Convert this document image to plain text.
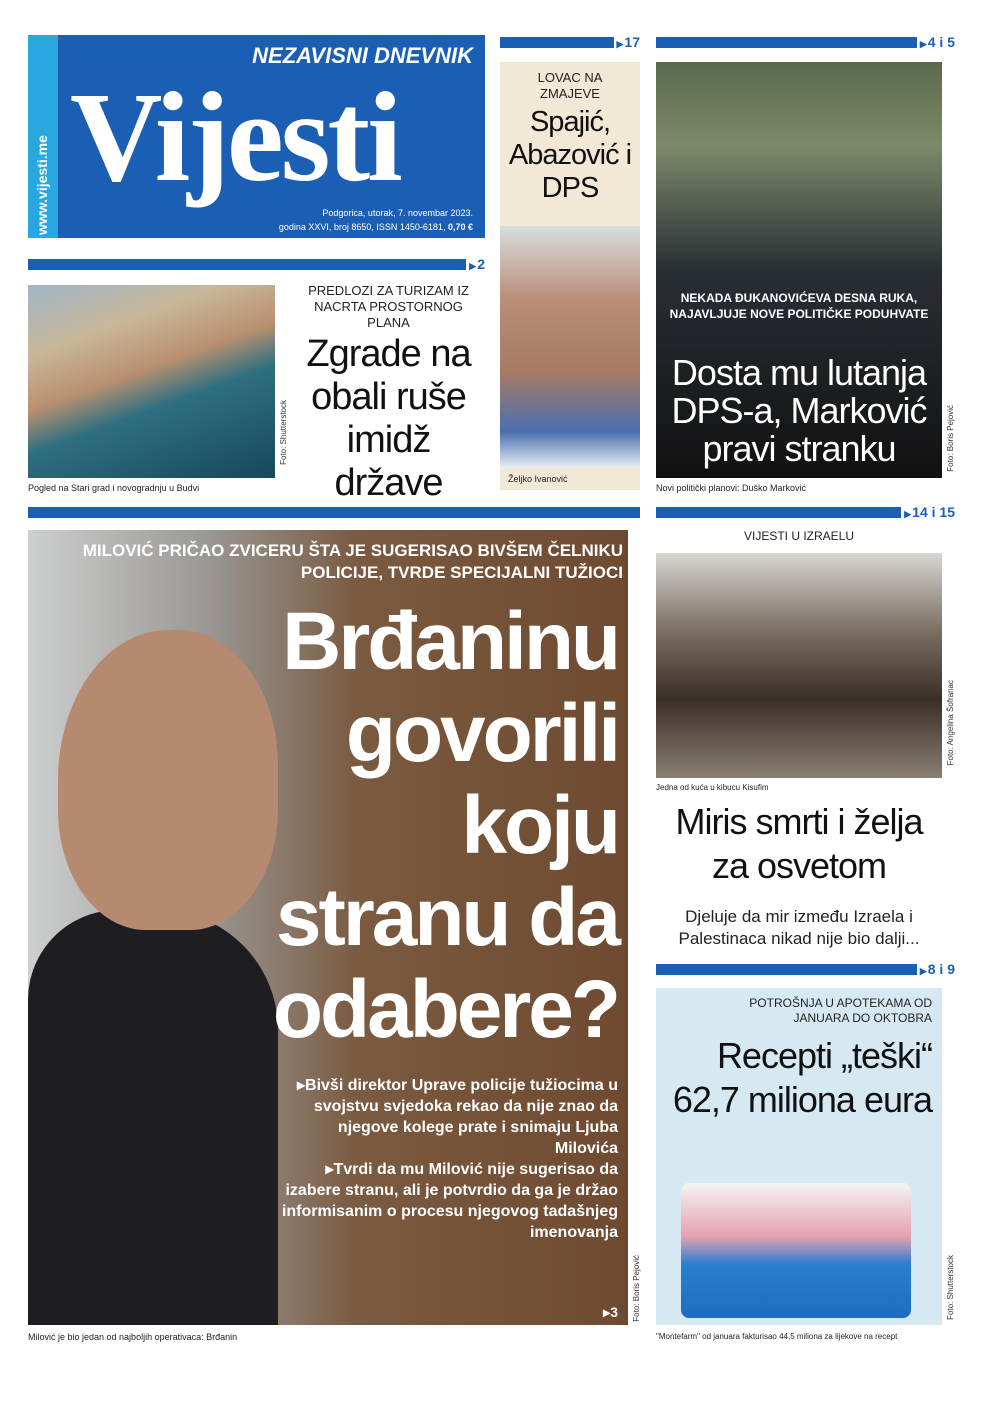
www.vijesti.me
NEZAVISNI DNEVNIK
Vijesti
Podgorica, utorak, 7. novembar 2023.
godina XXVI, broj 8650, ISSN 1450-6181, 0,70 €
▶ 17	▶ 4 i 5
▶ 2
▶ 14 i 15
▶ 8 i 9
Pogled na Stari grad i novogradnju u Budvi
Foto: Shutterstock
PREDLOZI ZA TURIZAM IZ NACRTA PROSTORNOG PLANA
Zgrade na obali ruše imidž države
LOVAC NA ZMAJEVE
Spajić, Abazović i DPS
Željko Ivanović
NEKADA ĐUKANOVIĆEVA DESNA RUKA, NAJAVLJUJE NOVE POLITIČKE PODUHVATE
Dosta mu lutanja DPS-a, Marković pravi stranku	Foto: Boris Pejović
Novi politički planovi: Duško Marković
MILOVIĆ PRIČAO ZVICERU ŠTA JE SUGERISAO BIVŠEM ČELNIKU POLICIJE, TVRDE SPECIJALNI TUŽIOCI
Brđaninu govorili koju stranu da odabere?
▸Bivši direktor Uprave policije tužiocima u svojstvu svjedoka rekao da nije znao da njegove kolege prate i snimaju Ljuba Milovića
▸Tvrdi da mu Milović nije sugerisao da izabere stranu, ali je potvrdio da ga je držao informisanim o procesu njegovog tadašnjeg imenovanja
▸3 Foto: Boris Pejović
Milović je bio jedan od najboljih operativaca: Brđanin
VIJESTI U IZRAELU
Jedna od kuća u kibucu Kisufim
Miris smrti i želja za osvetom
Djeluje da mir između Izraela i Palestinaca nikad nije bio dalji...
Foto: Angelina Šofranac
POTROŠNJA U APOTEKAMA OD JANUARA DO OKTOBRA
Recepti „teški“ 62,7 miliona eura
Foto: Shutterstock
"Montefarm" od januara fakturisao 44,5 miliona za lijekove na recept
